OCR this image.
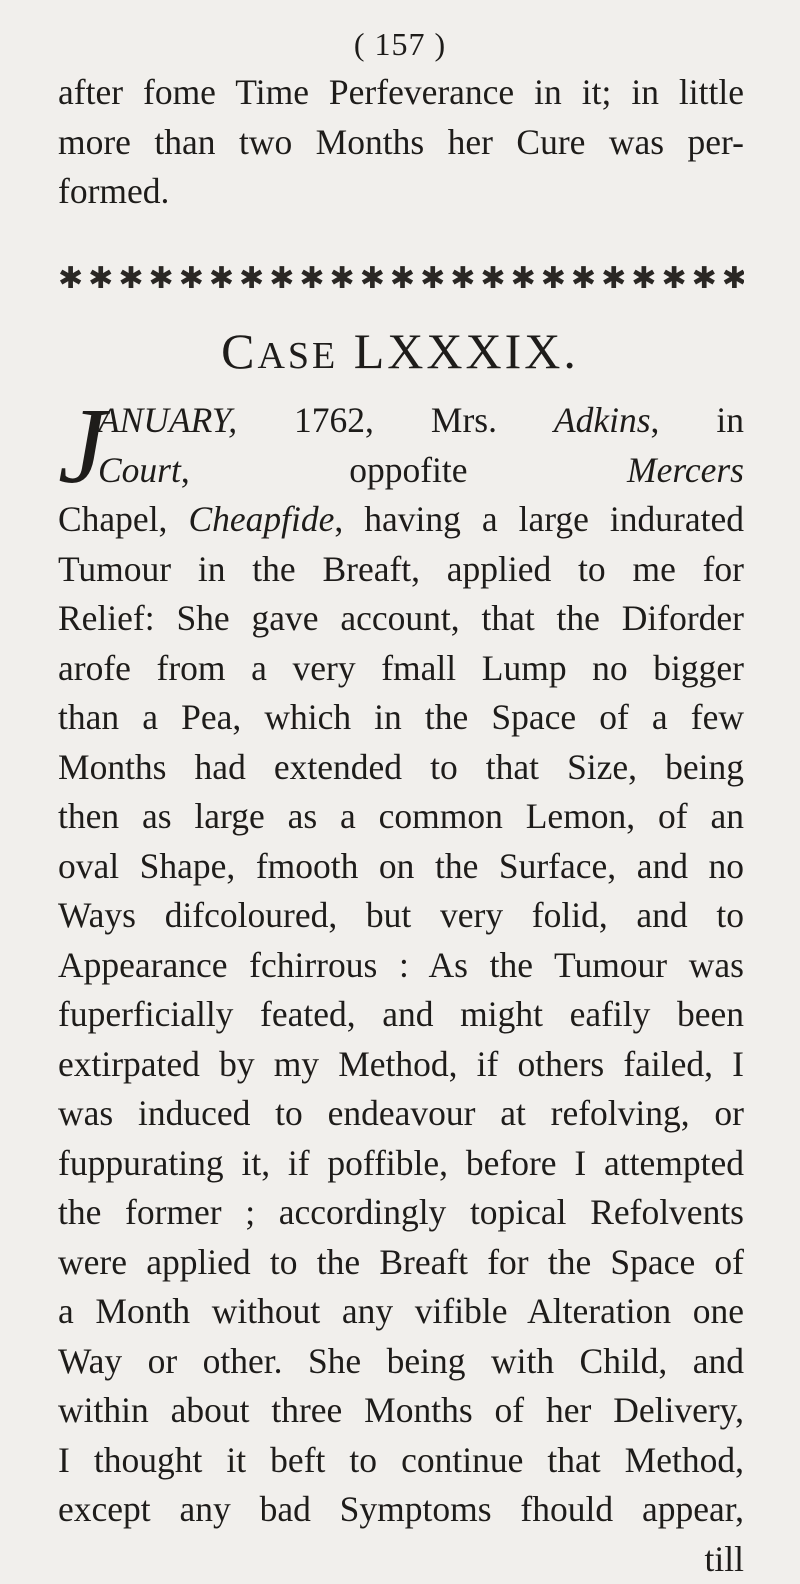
( 157 )
after fome Time Perfeverance in it; in little
more than two Months her Cure was per-
formed.
✱ ✱ ✱ ✱ ✱ ✱ ✱ ✱ ✱ ✱ ✱ ✱ ✱ ✱ ✱ ✱ ✱ ✱ ✱ ✱ ✱ ✱ ✱
CASE LXXXIX.
J
ANUARY, 1762, Mrs. Adkins, in
Court, oppofite Mercers
Chapel, Cheapfide, having a large indurated
Tumour in the Breaft, applied to me for
Relief: She gave account, that the Diforder
arofe from a very fmall Lump no bigger
than a Pea, which in the Space of a few
Months had extended to that Size, being
then as large as a common Lemon, of an
oval Shape, fmooth on the Surface, and no
Ways difcoloured, but very folid, and to
Appearance fchirrous : As the Tumour was
fuperficially feated, and might eafily been
extirpated by my Method, if others failed, I
was induced to endeavour at refolving, or
fuppurating it, if poffible, before I attempted
the former ; accordingly topical Refolvents
were applied to the Breaft for the Space of
a Month without any vifible Alteration one
Way or other. She being with Child, and
within about three Months of her Delivery,
I thought it beft to continue that Method,
except any bad Symptoms fhould appear,
till
